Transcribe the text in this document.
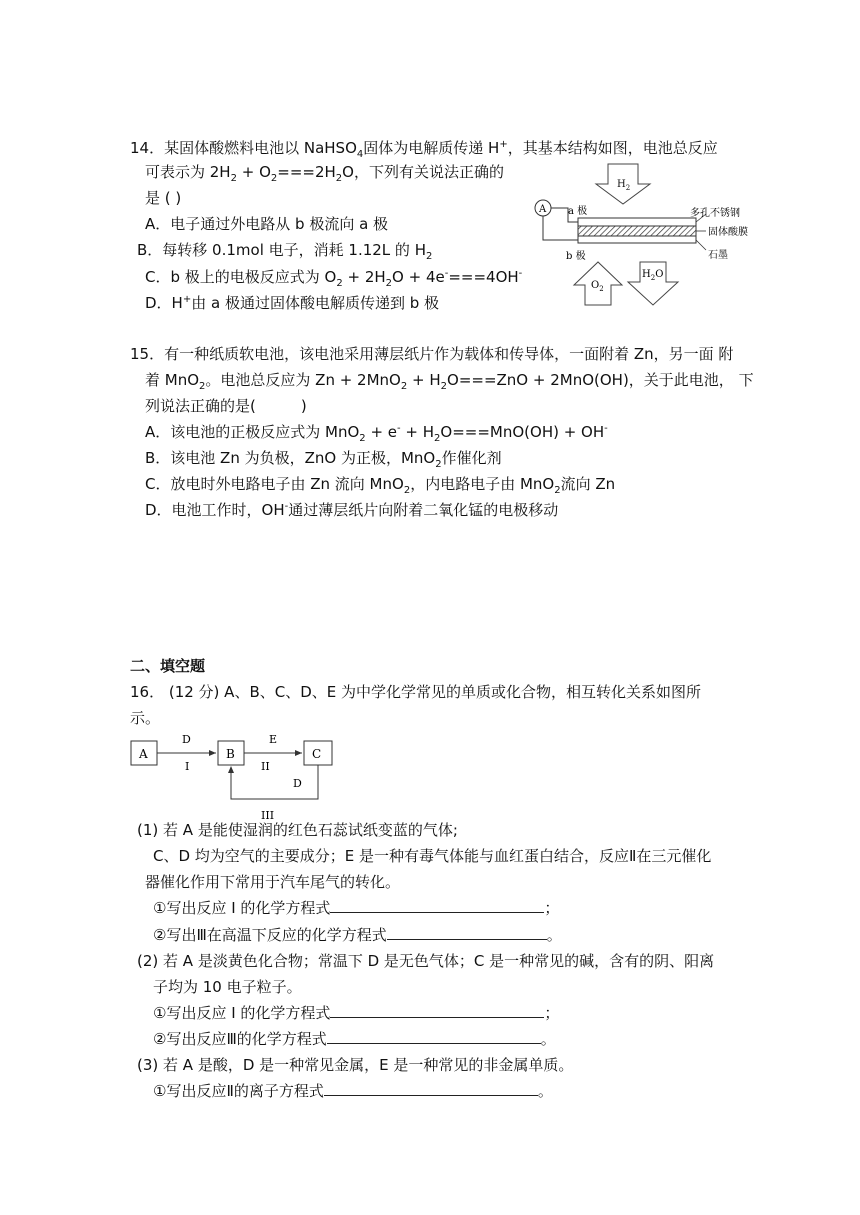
14．某固体酸燃料电池以 NaHSO$_4$固体为电解质传递 H+，其基本结构如图，电池总反应
可表示为 $2H_2 + O_2===2H_2O$，下列有关说法正确的
是 ( )
A．电子通过外电路从 b 极流向 a 极
B．每转移 0.1mol 电子，消耗 1.12L 的 $H_2$
C．b 极上的电极反应式为 $O_2 + 2H_2O + 4e^-===4OH^-$
D．H+由 a 极通过固体酸电解质传递到 b 极
$H_2$
A a 极
b 极
多孔不锈钢
固体酸膜
石墨
$O_2$
$H_2O$
15．有一种纸质软电池，该电池采用薄层纸片作为载体和传导体，一面附着 Zn，另一面 附
着 MnO$_2$。电池总反应为 $Zn + 2MnO_2 + H_2O===ZnO + 2MnO(OH)$，关于此电池， 下
列说法正确的是(　　　)
A．该电池的正极反应式为 $MnO_2 + e^- + H_2O===MnO(OH) + OH^-$
B．该电池 Zn 为负极，ZnO 为正极，MnO$_2$作催化剂
C．放电时外电路电子由 Zn 流向 MnO$_2$，内电路电子由 MnO$_2$流向 Zn
D．电池工作时，OH-通过薄层纸片向附着二氧化锰的电极移动
二、填空题
16． (12 分) A、B、C、D、E 为中学化学常见的单质或化合物，相互转化关系如图所
示。
A	B	C
D
I
E
II
D
III
(1) 若 A 是能使湿润的红色石蕊试纸变蓝的气体;
C、D 均为空气的主要成分；E 是一种有毒气体能与血红蛋白结合，反应Ⅱ在三元催化
器催化作用下常用于汽车尾气的转化。
①写出反应 I 的化学方程式	；
②写出Ⅲ在高温下反应的化学方程式	。
(2) 若 A 是淡黄色化合物；常温下 D 是无色气体；C 是一种常见的碱，含有的阴、阳离
子均为 10 电子粒子。
①写出反应 I 的化学方程式	；
②写出反应Ⅲ的化学方程式	。
(3) 若 A 是酸，D 是一种常见金属，E 是一种常见的非金属单质。
①写出反应Ⅱ的离子方程式	。
